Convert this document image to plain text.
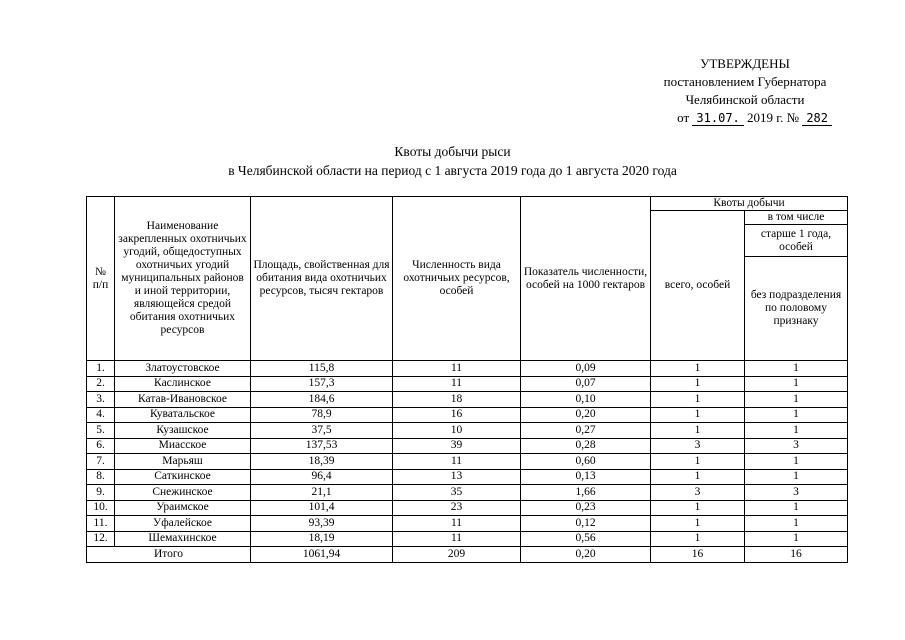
УТВЕРЖДЕНЫ
постановлением Губернатора
Челябинской области
от 31.07. 2019 г. № 282
Квоты добычи рыси
в Челябинской области на период с 1 августа 2019 года до 1 августа 2020 года
№ п/п	Наименование закрепленных охотничьих угодий, общедоступных охотничьих угодий муниципальных районов и иной территории, являющейся средой обитания охотничьих ресурсов	Площадь, свойственная для обитания вида охотничьих ресурсов, тысяч гектаров	Численность вида охотничьих ресурсов, особей	Показатель численности, особей на 1000 гектаров	Квоты добычи	
					всего, особей	в том числе
						старше 1 года, особей
						без подразделения по половому признаку
1.	Златоустовское	115,8	11	0,09	1	1
2.	Каслинское	157,3	11	0,07	1	1
3.	Катав-Ивановское	184,6	18	0,10	1	1
4.	Куватальское	78,9	16	0,20	1	1
5.	Кузашское	37,5	10	0,27	1	1
6.	Миасское	137,53	39	0,28	3	3
7.	Марьяш	18,39	11	0,60	1	1
8.	Саткинское	96,4	13	0,13	1	1
9.	Снежинское	21,1	35	1,66	3	3
10.	Ураимское	101,4	23	0,23	1	1
11.	Уфалейское	93,39	11	0,12	1	1
12.	Шемахинское	18,19	11	0,56	1	1
Итого		1061,94	209	0,20	16	16
